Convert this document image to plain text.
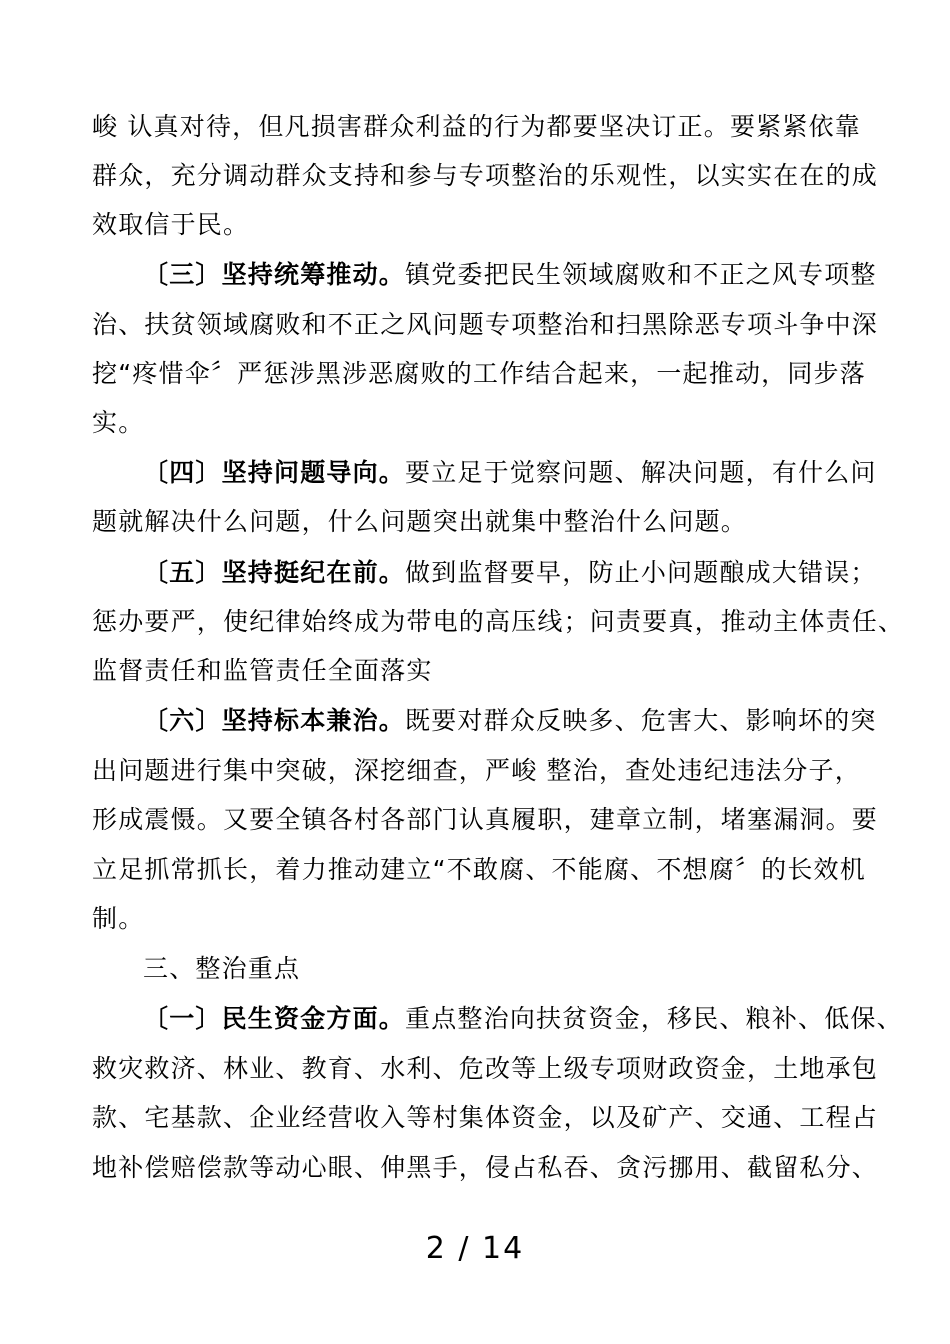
峻 认真对待，但凡损害群众利益的行为都要坚决订正。要紧紧依靠
群众，充分调动群众支持和参与专项整治的乐观性，以实实在在的成
效取信于民。
〔三〕坚持统筹推动。镇党委把民生领域腐败和不正之风专项整
治、扶贫领域腐败和不正之风问题专项整治和扫黑除恶专项斗争中深
挖“疼惜伞〞严惩涉黑涉恶腐败的工作结合起来，一起推动，同步落
实。
〔四〕坚持问题导向。要立足于觉察问题、解决问题，有什么问
题就解决什么问题，什么问题突出就集中整治什么问题。
〔五〕坚持挺纪在前。做到监督要早，防止小问题酿成大错误；
惩办要严，使纪律始终成为带电的高压线；问责要真，推动主体责任、
监督责任和监管责任全面落实
〔六〕坚持标本兼治。既要对群众反映多、危害大、影响坏的突
出问题进行集中突破，深挖细查，严峻 整治，查处违纪违法分子，
形成震慑。又要全镇各村各部门认真履职，建章立制，堵塞漏洞。要
立足抓常抓长，着力推动建立“不敢腐、不能腐、不想腐〞的长效机
制。
三、整治重点
〔一〕民生资金方面。重点整治向扶贫资金，移民、粮补、低保、
救灾救济、林业、教育、水利、危改等上级专项财政资金，土地承包
款、宅基款、企业经营收入等村集体资金，以及矿产、交通、工程占
地补偿赔偿款等动心眼、伸黑手，侵占私吞、贪污挪用、截留私分、
2 / 14
